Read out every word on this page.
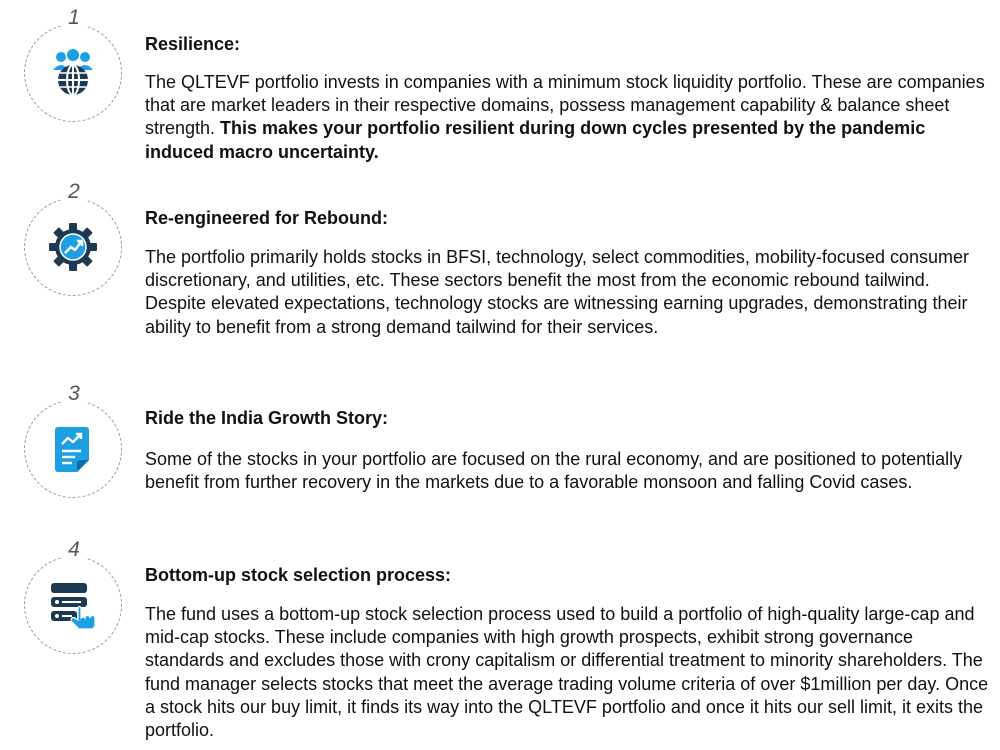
1
Resilience:
The QLTEVF portfolio invests in companies with a minimum stock liquidity portfolio. These are companies that are market leaders in their respective domains, possess management capability & balance sheet strength. This makes your portfolio resilient during down cycles presented by the pandemic induced macro uncertainty.
2
Re-engineered for Rebound:
The portfolio primarily holds stocks in BFSI, technology, select commodities, mobility-focused consumer discretionary, and utilities, etc. These sectors benefit the most from the economic rebound tailwind. Despite elevated expectations, technology stocks are witnessing earning upgrades, demonstrating their ability to benefit from a strong demand tailwind for their services.
3
Ride the India Growth Story:
Some of the stocks in your portfolio are focused on the rural economy, and are positioned to potentially benefit from further recovery in the markets due to a favorable monsoon and falling Covid cases.
4
Bottom-up stock selection process:
The fund uses a bottom-up stock selection process used to build a portfolio of high-quality large-cap and mid-cap stocks. These include companies with high growth prospects, exhibit strong governance standards and excludes those with crony capitalism or differential treatment to minority shareholders. The fund manager selects stocks that meet the average trading volume criteria of over $1million per day. Once a stock hits our buy limit, it finds its way into the QLTEVF portfolio and once it hits our sell limit, it exits the portfolio.
